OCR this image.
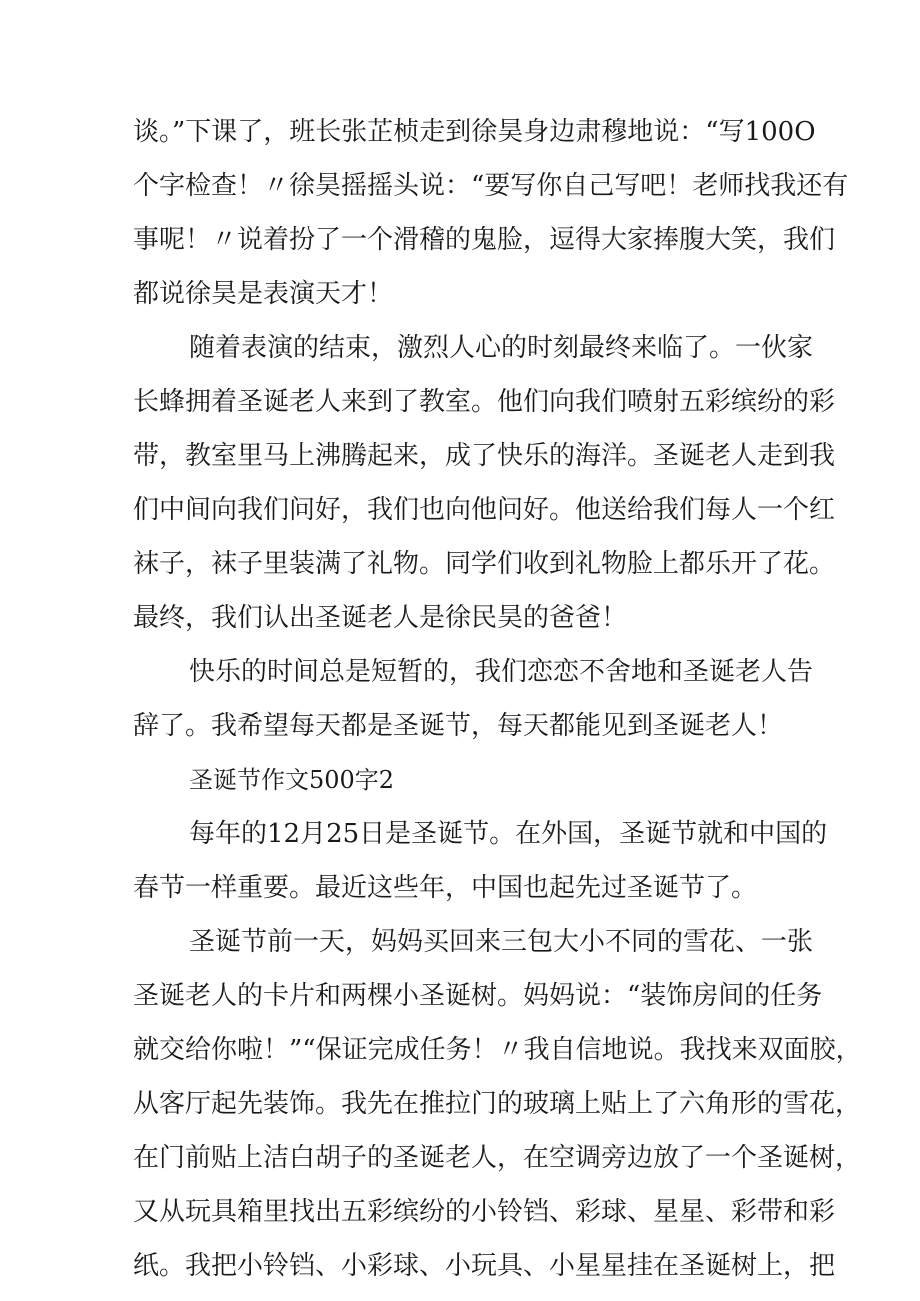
谈。”下课了，班长张芷桢走到徐昊身边肃穆地说：“写100O
个字检查！〃徐昊摇摇头说：“要写你自己写吧！老师找我还有
事呢！〃说着扮了一个滑稽的鬼脸，逗得大家捧腹大笑，我们
都说徐昊是表演天才！
随着表演的结束，激烈人心的时刻最终来临了。一伙家
长蜂拥着圣诞老人来到了教室。他们向我们喷射五彩缤纷的彩
带，教室里马上沸腾起来，成了快乐的海洋。圣诞老人走到我
们中间向我们问好，我们也向他问好。他送给我们每人一个红
袜子，袜子里装满了礼物。同学们收到礼物脸上都乐开了花。
最终，我们认出圣诞老人是徐民昊的爸爸！
快乐的时间总是短暂的，我们恋恋不舍地和圣诞老人告
辞了。我希望每天都是圣诞节，每天都能见到圣诞老人！
圣诞节作文500字2
每年的12月25日是圣诞节。在外国，圣诞节就和中国的
春节一样重要。最近这些年，中国也起先过圣诞节了。
圣诞节前一天，妈妈买回来三包大小不同的雪花、一张
圣诞老人的卡片和两棵小圣诞树。妈妈说：“装饰房间的任务
就交给你啦！”“保证完成任务！〃我自信地说。我找来双面胶，
从客厅起先装饰。我先在推拉门的玻璃上贴上了六角形的雪花，
在门前贴上洁白胡子的圣诞老人，在空调旁边放了一个圣诞树，
又从玩具箱里找出五彩缤纷的小铃铛、彩球、星星、彩带和彩
纸。我把小铃铛、小彩球、小玩具、小星星挂在圣诞树上，把
